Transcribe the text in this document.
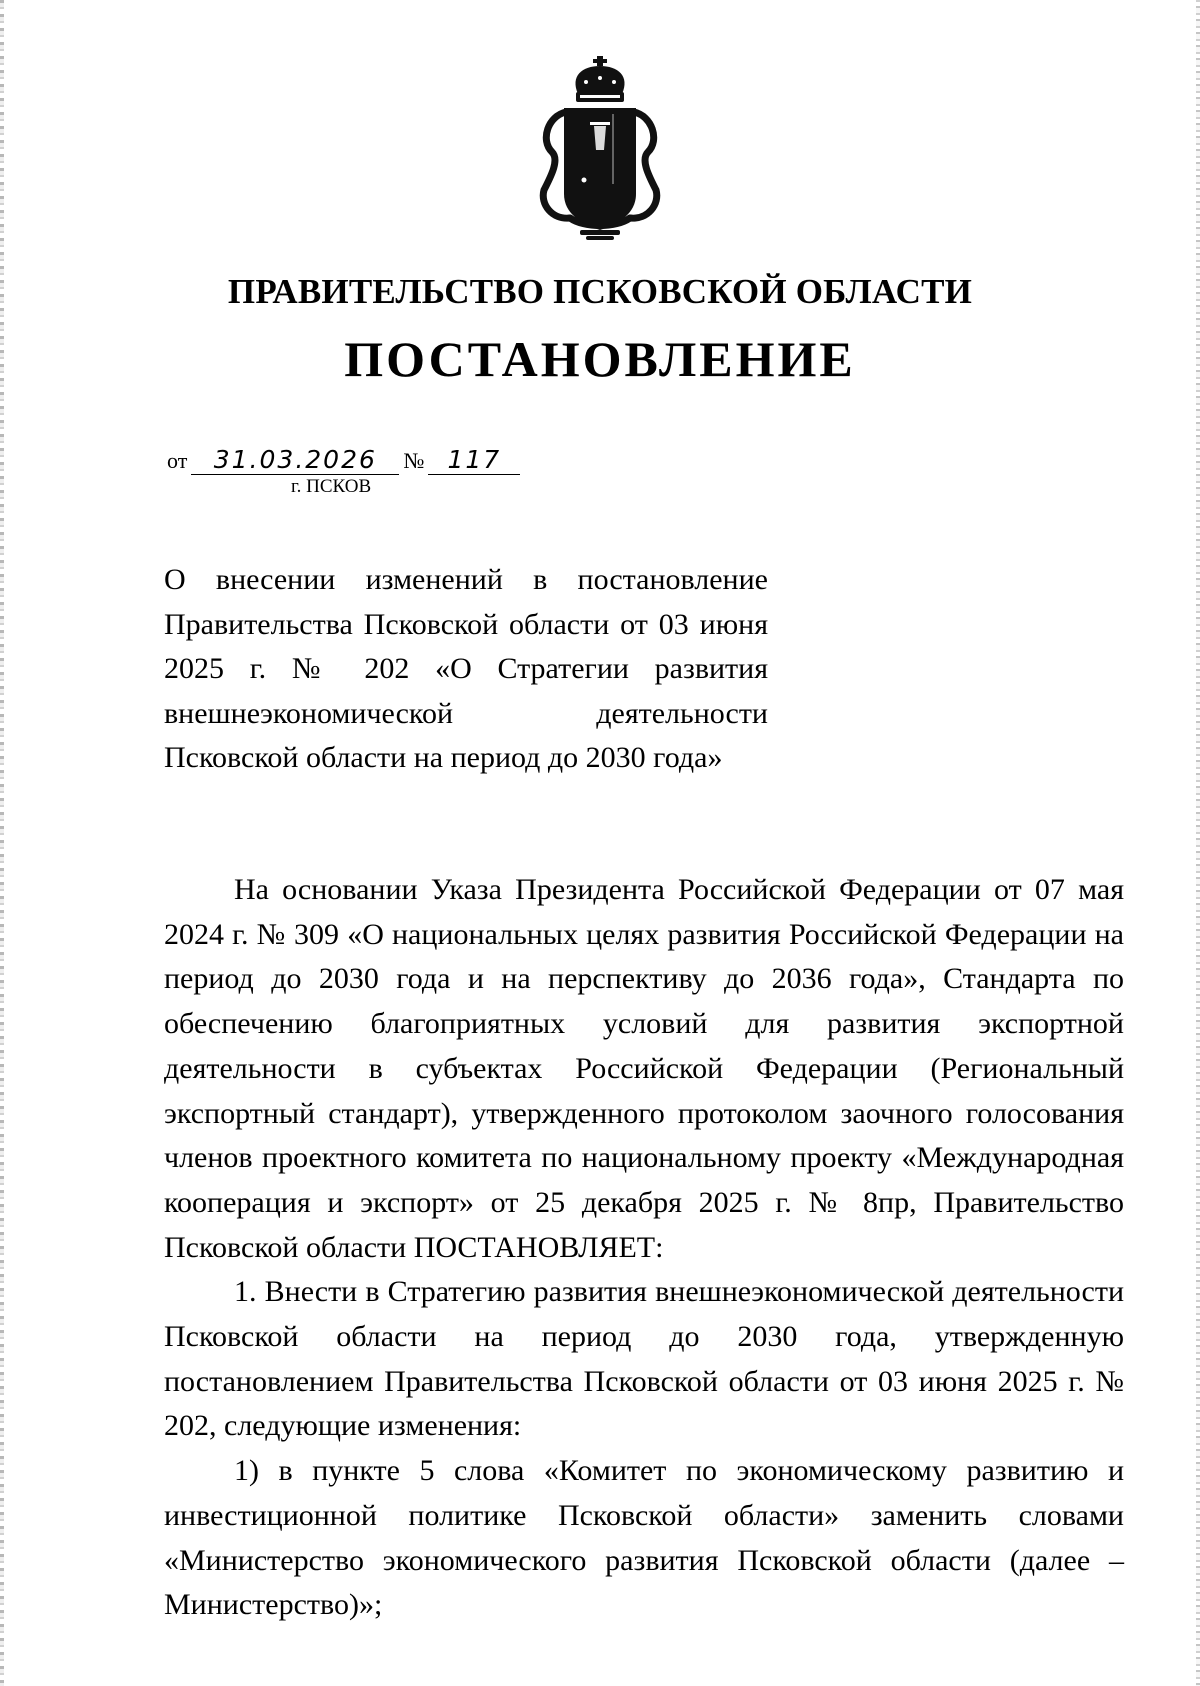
ПРАВИТЕЛЬСТВО ПСКОВСКОЙ ОБЛАСТИ
ПОСТАНОВЛЕНИЕ
от 31.03.2026 № 117
г. ПСКОВ
О внесении изменений в постановление Правительства Псковской области от 03 июня 2025 г. № 202 «О Стратегии развития внешнеэкономической деятельности Псковской области на период до 2030 года»

На основании Указа Президента Российской Федерации от 07 мая 2024 г. № 309 «О национальных целях развития Российской Федерации на период до 2030 года и на перспективу до 2036 года», Стандарта по обеспечению благоприятных условий для развития экспортной деятельности в субъектах Российской Федерации (Региональный экспортный стандарт), утвержденного протоколом заочного голосования членов проектного комитета по национальному проекту «Международная кооперация и экспорт» от 25 декабря 2025 г. № 8пр, Правительство Псковской области ПОСТАНОВЛЯЕТ:

1. Внести в Стратегию развития внешнеэкономической деятельности Псковской области на период до 2030 года, утвержденную постановлением Правительства Псковской области от 03 июня 2025 г. № 202, следующие изменения:

1) в пункте 5 слова «Комитет по экономическому развитию и инвестиционной политике Псковской области» заменить словами «Министерство экономического развития Псковской области (далее – Министерство)»;
